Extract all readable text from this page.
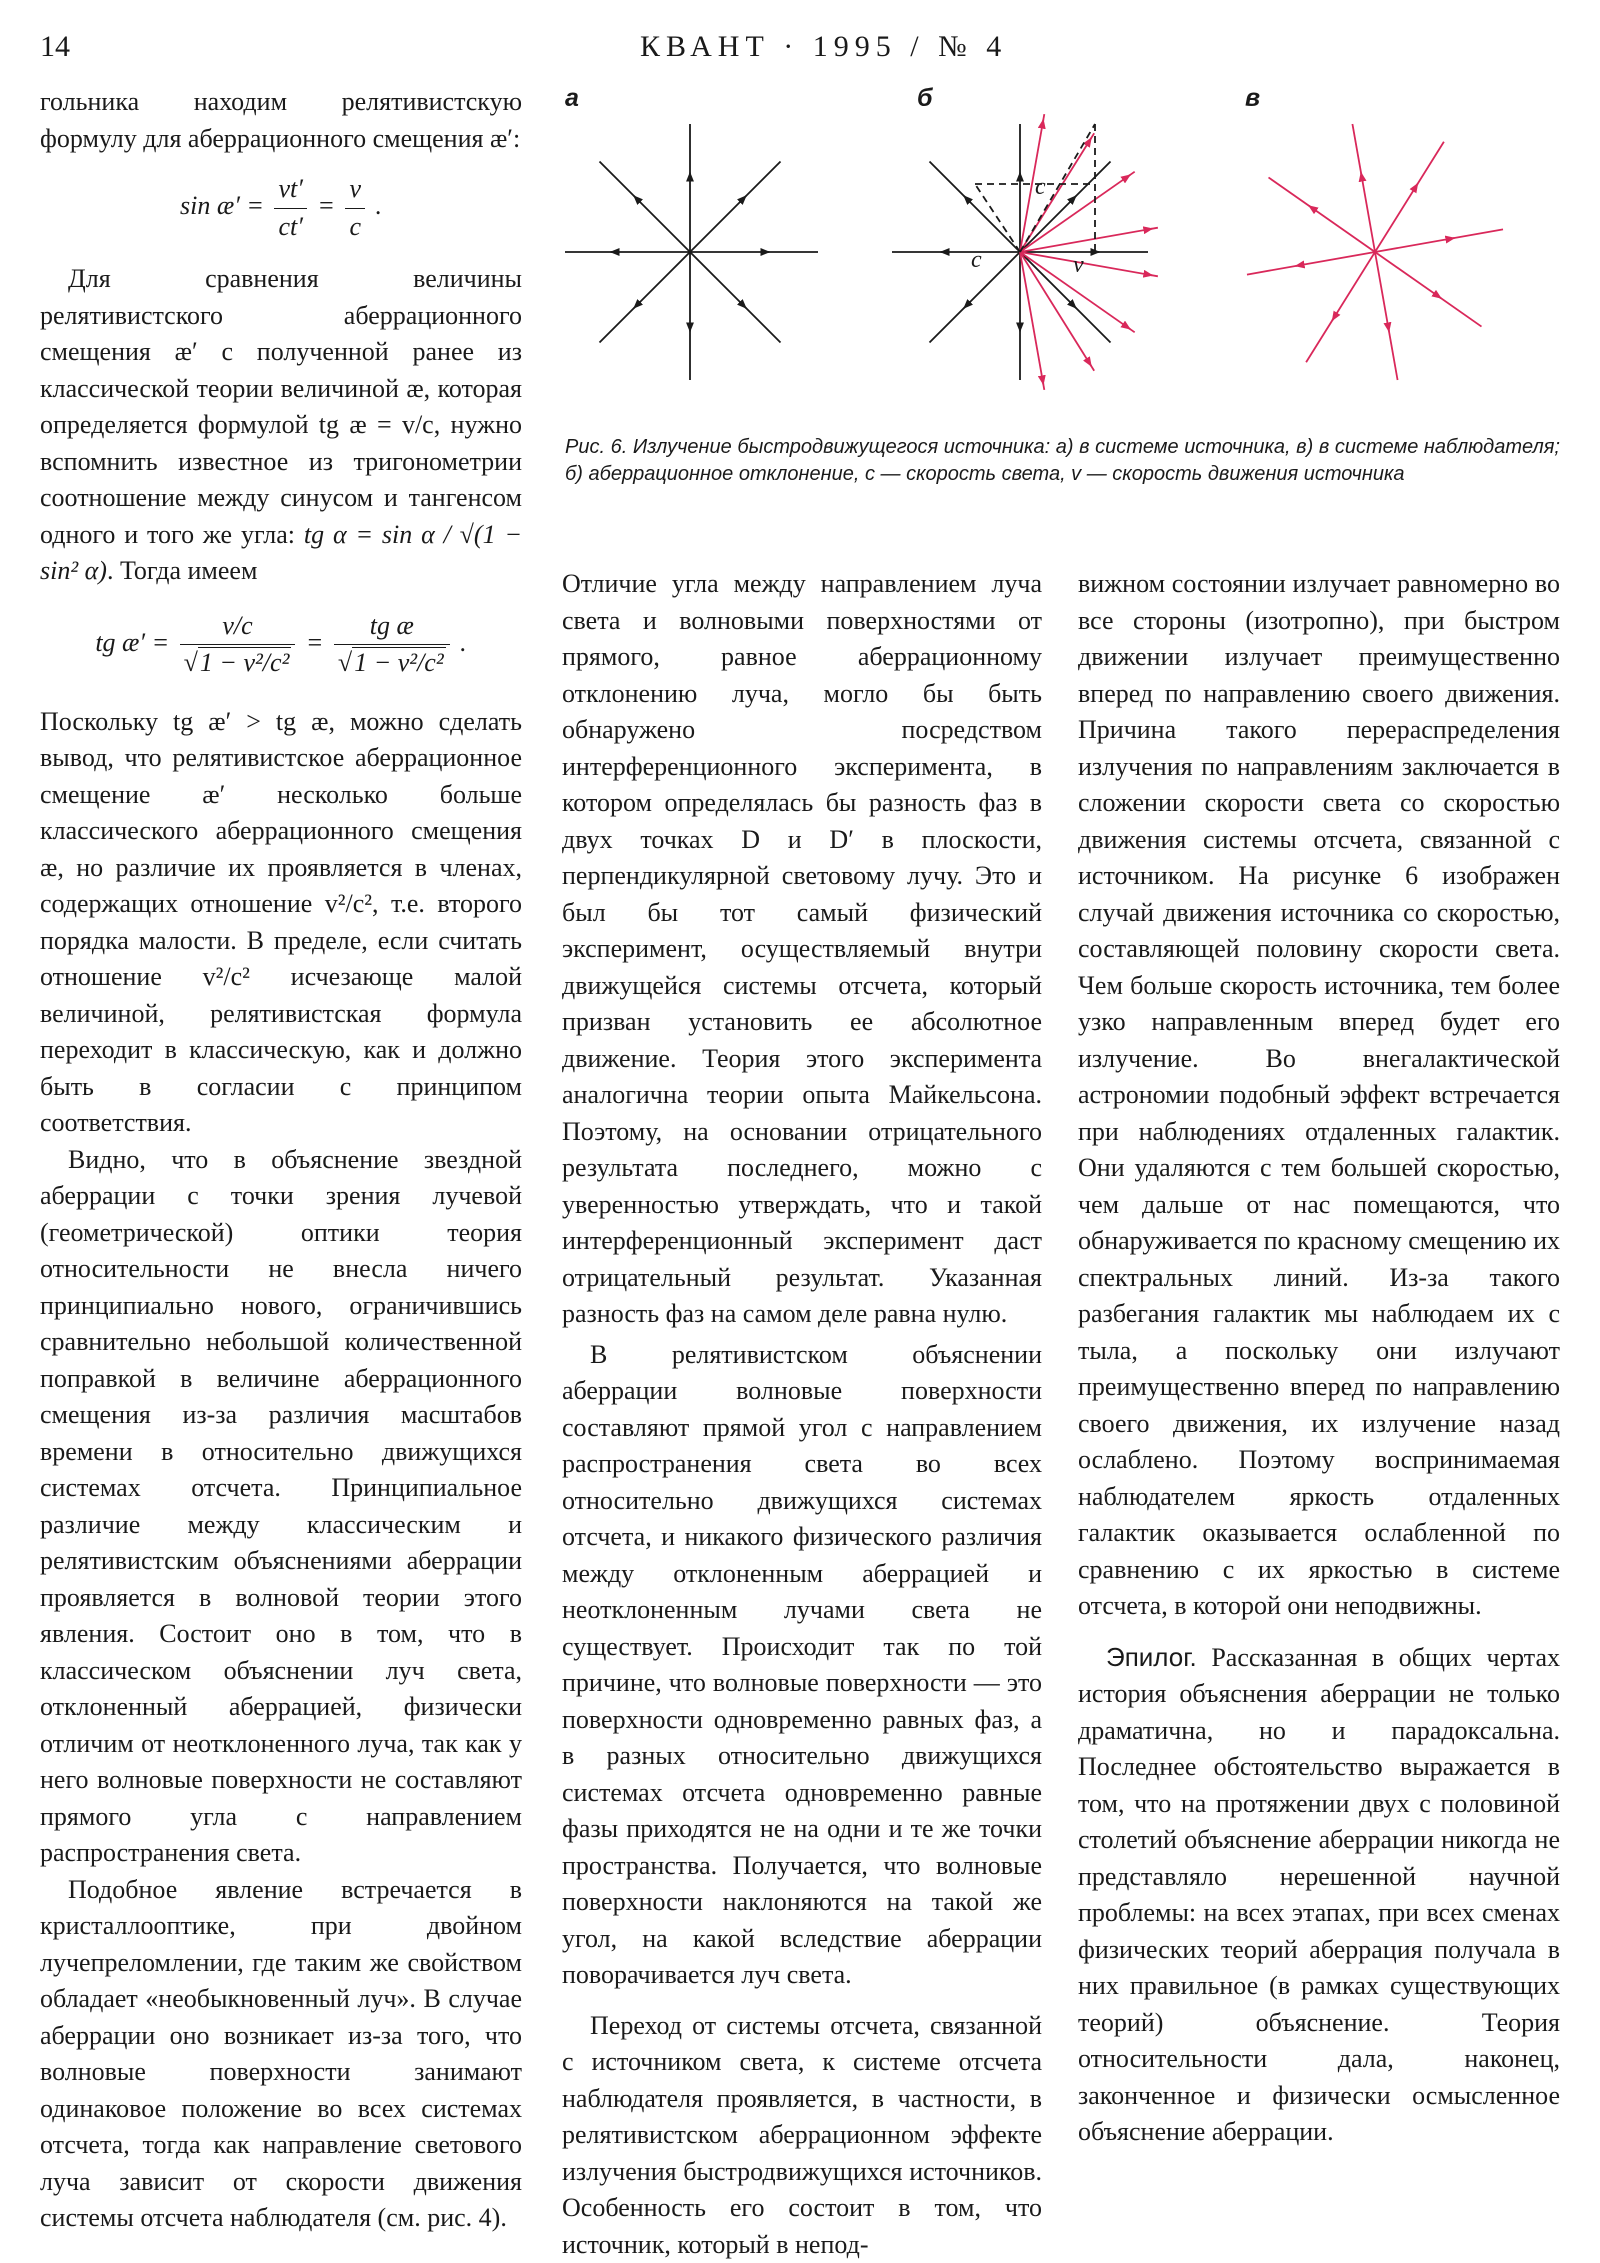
14	КВАНТ · 1995 / № 4

гольника находим релятивистскую формулу для аберрационного смещения æ′:

sin æ′ = $\frac{vt'}{ct'} = \frac{v}{c}$ .

Для сравнения величины релятивистского аберрационного смещения æ′ с полученной ранее из классической теории величиной æ, которая определяется формулой tg æ = v/c, нужно вспомнить известное из тригонометрии соотношение между синусом и тангенсом одного и того же угла: tg α = sin α / √(1 − sin² α). Тогда имеем

tg æ′ = $\frac{v/c}{\text{√1 − v²/c²}} = \frac{\text{tg æ}}{\text{√1 − v²/c²}}$ .

Поскольку tg æ′ > tg æ, можно сделать вывод, что релятивистское аберрационное смещение æ′ несколько больше классического аберрационного смещения æ, но различие их проявляется в членах, содержащих отношение v²/c², т.е. второго порядка малости. В пределе, если считать отношение v²/c² исчезающе малой величиной, релятивистская формула переходит в классическую, как и должно быть в согласии с принципом соответствия.

Видно, что в объяснение звездной аберрации с точки зрения лучевой (геометрической) оптики теория относительности не внесла ничего принципиально нового, ограничившись сравнительно небольшой количественной поправкой в величине аберрационного смещения из-за различия масштабов времени в относительно движущихся системах отсчета. Принципиальное различие между классическим и релятивистским объяснениями аберрации проявляется в волновой теории этого явления. Состоит оно в том, что в классическом объяснении луч света, отклоненный аберрацией, физически отличим от неотклоненного луча, так как у него волновые поверхности не составляют прямого угла с направлением распространения света.

Подобное явление встречается в кристаллооптике, при двойном лучепреломлении, где таким же свойством обладает «необыкновенный луч». В случае аберрации оно возникает из-за того, что волновые поверхности занимают одинаковое положение во всех системах отсчета, тогда как направление светового луча зависит от скорости движения системы отсчета наблюдателя (см. рис. 4).

а	б	в
c
c	v
Рис. 6. Излучение быстродвижущегося источника: а) в системе источника, в) в системе наблюдателя; б) аберрационное отклонение, c — скорость света, v — скорость движения источника

Отличие угла между направлением луча света и волновыми поверхностями от прямого, равное аберрационному отклонению луча, могло бы быть обнаружено посредством интерференционного эксперимента, в котором определялась бы разность фаз в двух точках D и D′ в плоскости, перпендикулярной световому лучу. Это и был бы тот самый физический эксперимент, осуществляемый внутри движущейся системы отсчета, который призван установить ее абсолютное движение. Теория этого эксперимента аналогична теории опыта Майкельсона. Поэтому, на основании отрицательного результата последнего, можно с уверенностью утверждать, что и такой интерференционный эксперимент даст отрицательный результат. Указанная разность фаз на самом деле равна нулю.

В релятивистском объяснении аберрации волновые поверхности составляют прямой угол с направлением распространения света во всех относительно движущихся системах отсчета, и никакого физического различия между отклоненным аберрацией и неотклоненным лучами света не существует. Происходит так по той причине, что волновые поверхности — это поверхности одновременно равных фаз, а в разных относительно движущихся системах отсчета одновременно равные фазы приходятся не на одни и те же точки пространства. Получается, что волновые поверхности наклоняются на такой же угол, на какой вследствие аберрации поворачивается луч света.

Переход от системы отсчета, связанной с источником света, к системе отсчета наблюдателя проявляется, в частности, в релятивистском аберрационном эффекте излучения быстродвижущихся источников. Особенность его состоит в том, что источник, который в непод-

вижном состоянии излучает равномерно во все стороны (изотропно), при быстром движении излучает преимущественно вперед по направлению своего движения. Причина такого перераспределения излучения по направлениям заключается в сложении скорости света со скоростью движения системы отсчета, связанной с источником. На рисунке 6 изображен случай движения источника со скоростью, составляющей половину скорости света. Чем больше скорость источника, тем более узко направленным вперед будет его излучение. Во внегалактической астрономии подобный эффект встречается при наблюдениях отдаленных галактик. Они удаляются с тем большей скоростью, чем дальше от нас помещаются, что обнаруживается по красному смещению их спектральных линий. Из-за такого разбегания галактик мы наблюдаем их с тыла, а поскольку они излучают преимущественно вперед по направлению своего движения, их излучение назад ослаблено. Поэтому воспринимаемая наблюдателем яркость отдаленных галактик оказывается ослабленной по сравнению с их яркостью в системе отсчета, в которой они неподвижны.

Эпилог. Рассказанная в общих чертах история объяснения аберрации не только драматична, но и парадоксальна. Последнее обстоятельство выражается в том, что на протяжении двух с половиной столетий объяснение аберрации никогда не представляло нерешенной научной проблемы: на всех этапах, при всех сменах физических теорий аберрация получала в них правильное (в рамках существующих теорий) объяснение. Теория относительности дала, наконец, законченное и физически осмысленное объяснение аберрации.
